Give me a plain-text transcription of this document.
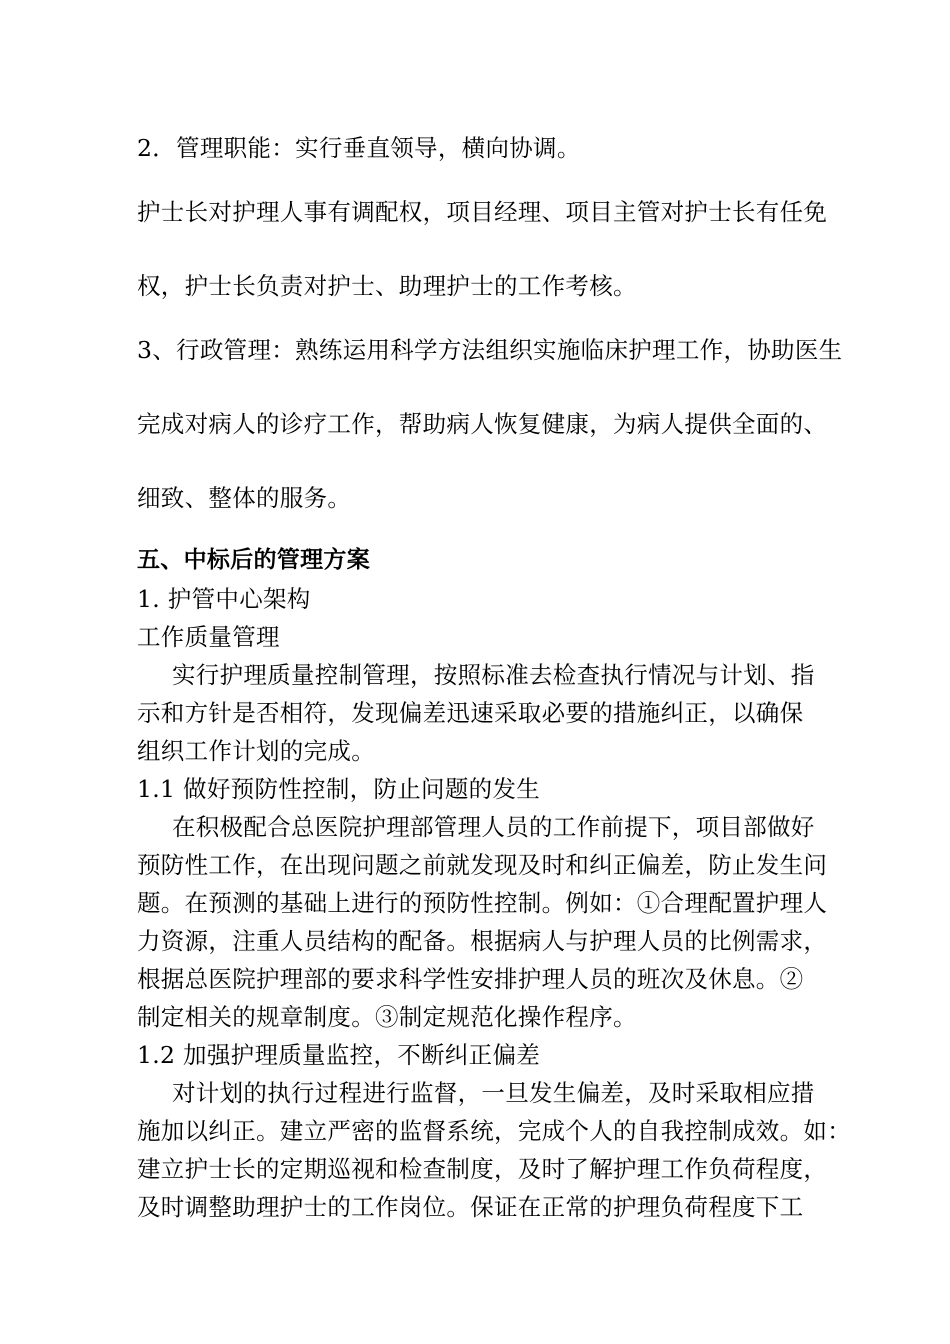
2．管理职能：实行垂直领导，横向协调。
护士长对护理人事有调配权，项目经理、项目主管对护士长有任免
权，护士长负责对护士、助理护士的工作考核。
3、行政管理：熟练运用科学方法组织实施临床护理工作，协助医生
完成对病人的诊疗工作，帮助病人恢复健康，为病人提供全面的、
细致、整体的服务。
五、中标后的管理方案
1. 护管中心架构
工作质量管理
实行护理质量控制管理，按照标准去检查执行情况与计划、指
示和方针是否相符，发现偏差迅速采取必要的措施纠正，以确保
组织工作计划的完成。
1.1 做好预防性控制，防止问题的发生
在积极配合总医院护理部管理人员的工作前提下，项目部做好
预防性工作，在出现问题之前就发现及时和纠正偏差，防止发生问
题。在预测的基础上进行的预防性控制。例如：①合理配置护理人
力资源，注重人员结构的配备。根据病人与护理人员的比例需求，
根据总医院护理部的要求科学性安排护理人员的班次及休息。②
制定相关的规章制度。③制定规范化操作程序。
1.2 加强护理质量监控，不断纠正偏差
对计划的执行过程进行监督，一旦发生偏差，及时采取相应措
施加以纠正。建立严密的监督系统，完成个人的自我控制成效。如：
建立护士长的定期巡视和检查制度，及时了解护理工作负荷程度，
及时调整助理护士的工作岗位。保证在正常的护理负荷程度下工
